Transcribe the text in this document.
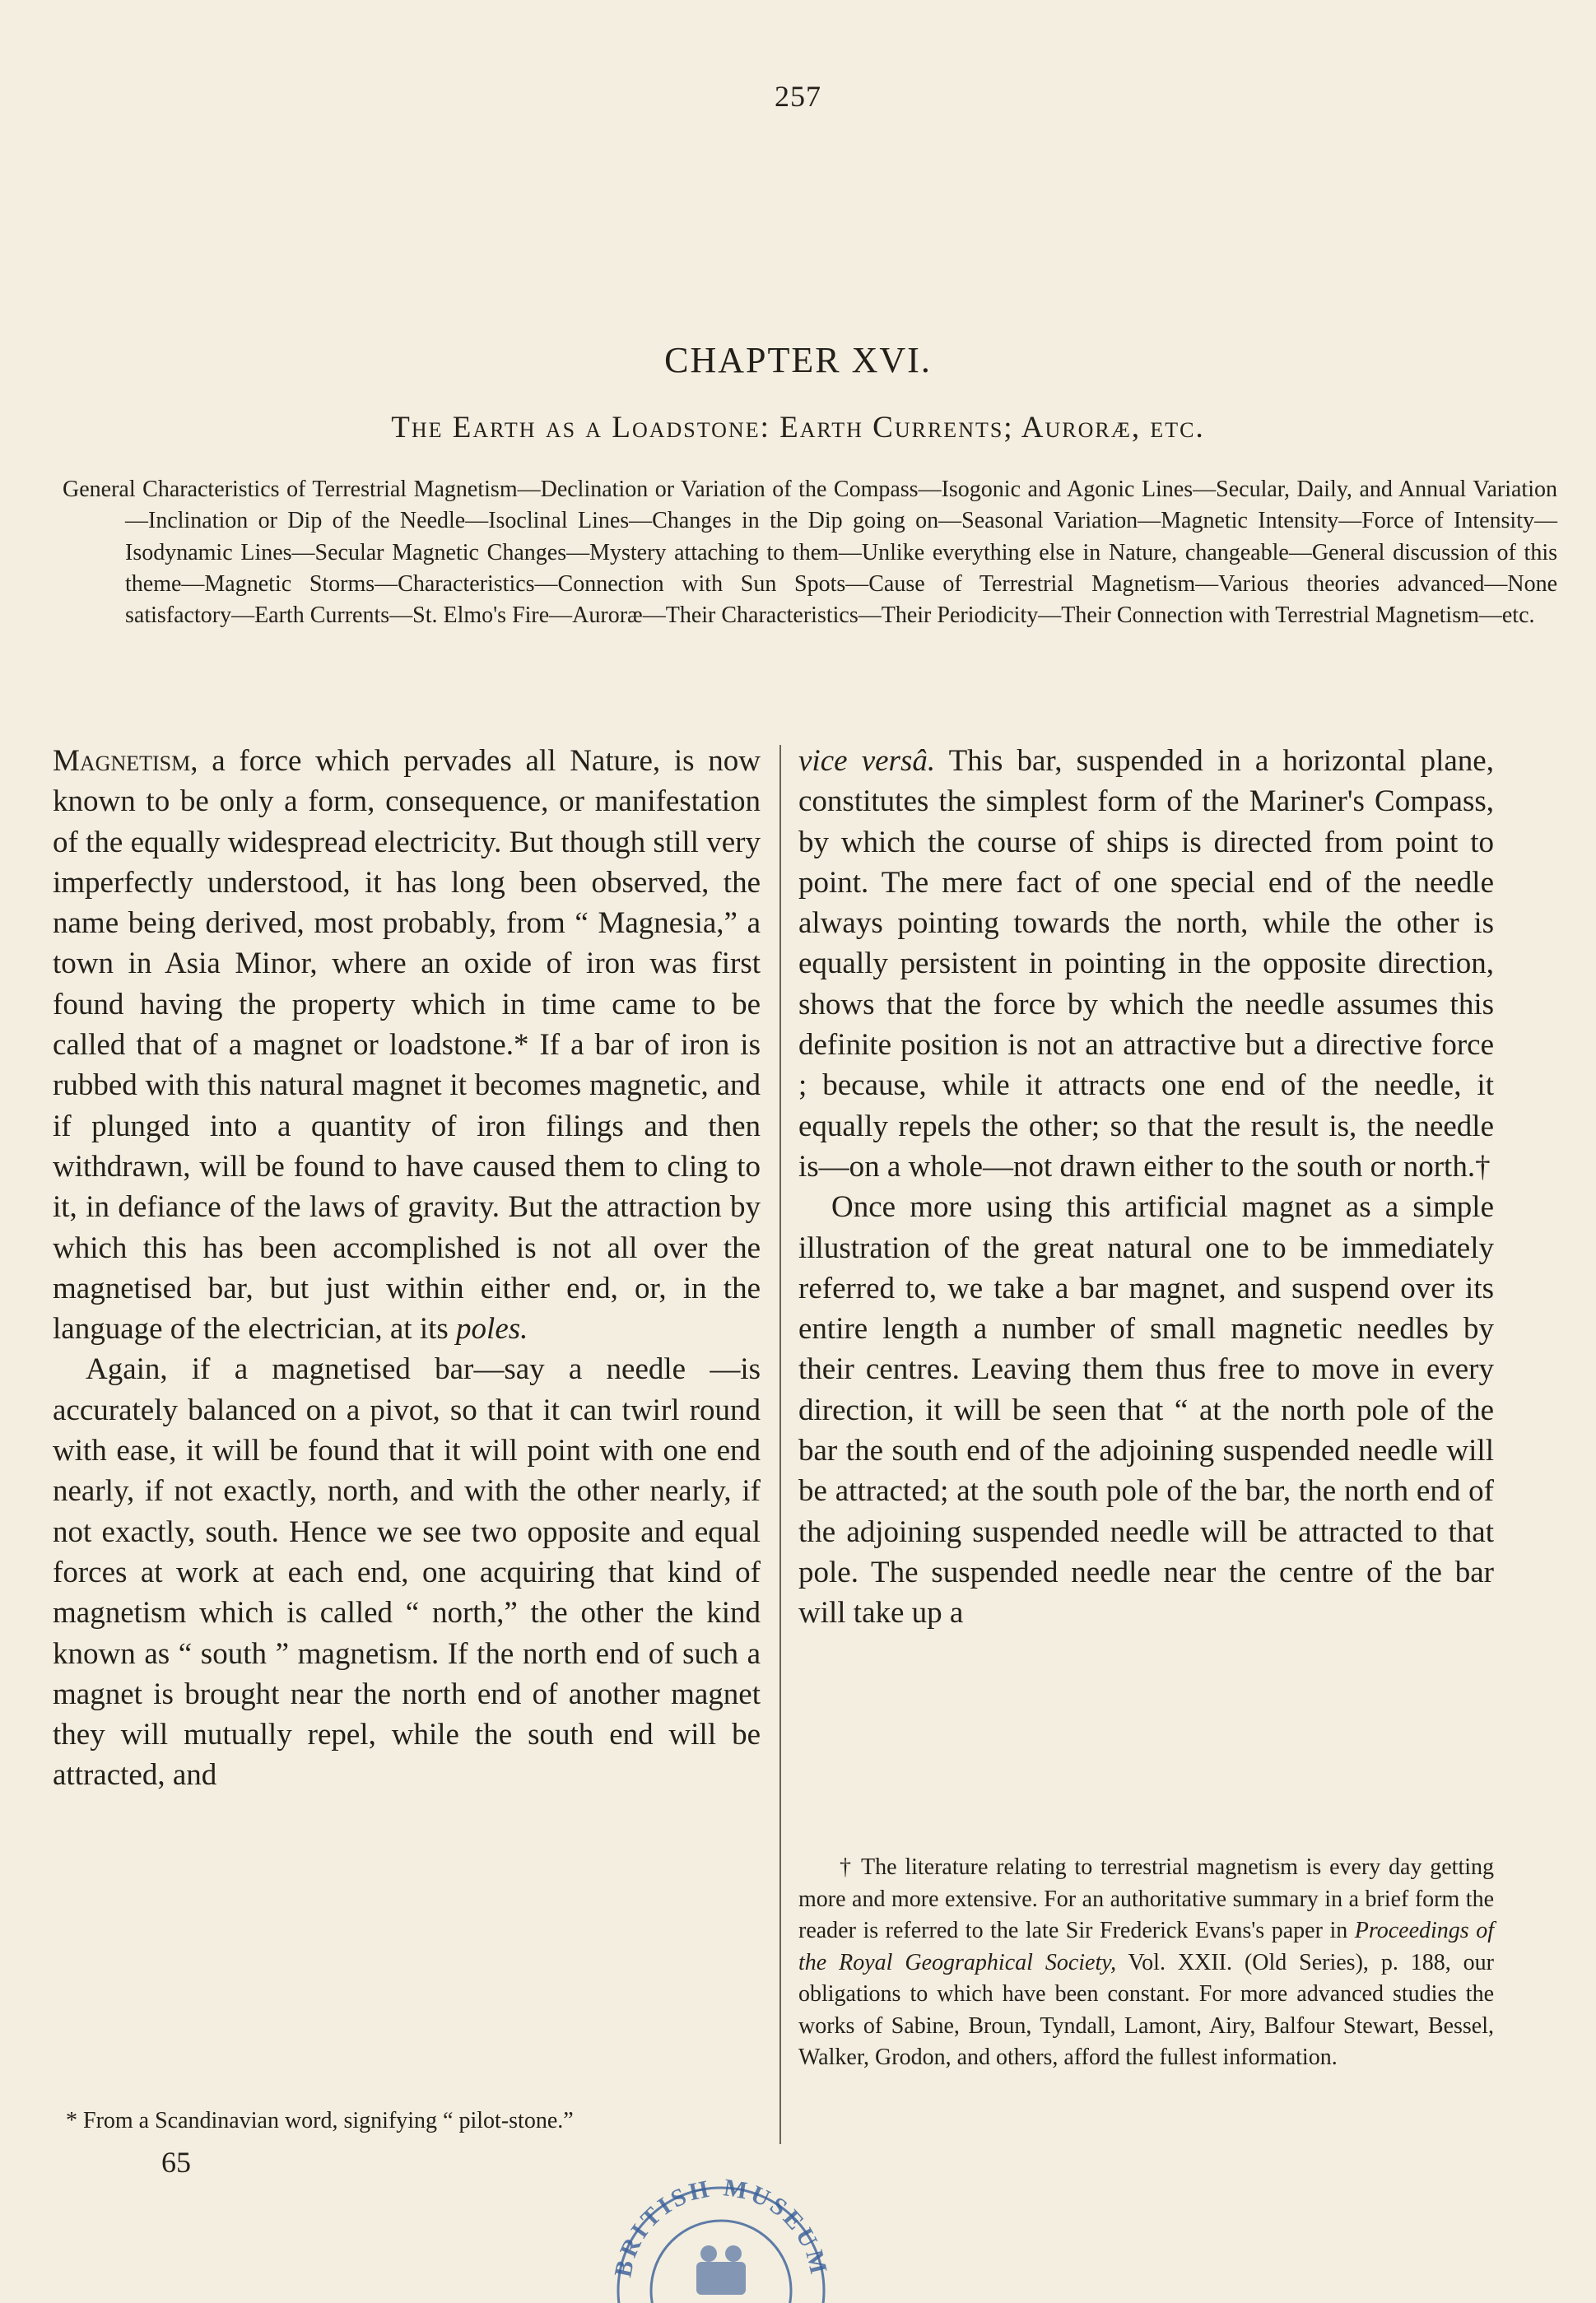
257
CHAPTER XVI.
The Earth as a Loadstone: Earth Currents; Auroræ, etc.
General Characteristics of Terrestrial Magnetism—Declination or Variation of the Compass—Isogonic and Agonic Lines—Secular, Daily, and Annual Variation—Inclination or Dip of the Needle—Isoclinal Lines—Changes in the Dip going on—Seasonal Variation—Magnetic Intensity—Force of Intensity—Isodynamic Lines—Secular Magnetic Changes—Mystery attaching to them—Unlike everything else in Nature, changeable—General discussion of this theme—Magnetic Storms—Characteristics—Connection with Sun Spots—Cause of Terrestrial Magnetism—Various theories advanced—None satisfactory—Earth Currents—St. Elmo's Fire—Auroræ—Their Characteristics—Their Periodicity—Their Connection with Terrestrial Magnetism—etc.

Magnetism, a force which pervades all Nature, is now known to be only a form, consequence, or manifestation of the equally widespread electricity. But though still very imperfectly understood, it has long been observed, the name being derived, most probably, from “ Magnesia,” a town in Asia Minor, where an oxide of iron was first found having the property which in time came to be called that of a magnet or loadstone.* If a bar of iron is rubbed with this natural magnet it becomes magnetic, and if plunged into a quantity of iron filings and then withdrawn, will be found to have caused them to cling to it, in defiance of the laws of gravity. But the attraction by which this has been accomplished is not all over the magnetised bar, but just within either end, or, in the language of the electrician, at its poles.

Again, if a magnetised bar—say a needle —is accurately balanced on a pivot, so that it can twirl round with ease, it will be found that it will point with one end nearly, if not exactly, north, and with the other nearly, if not exactly, south. Hence we see two opposite and equal forces at work at each end, one acquiring that kind of magnetism which is called “ north,” the other the kind known as “ south ” magnetism. If the north end of such a magnet is brought near the north end of another magnet they will mutually repel, while the south end will be attracted, and

vice versâ. This bar, suspended in a horizontal plane, constitutes the simplest form of the Mariner's Compass, by which the course of ships is directed from point to point. The mere fact of one special end of the needle always pointing towards the north, while the other is equally persistent in pointing in the opposite direction, shows that the force by which the needle assumes this definite position is not an attractive but a directive force ; because, while it attracts one end of the needle, it equally repels the other; so that the result is, the needle is—on a whole—not drawn either to the south or north.†

Once more using this artificial magnet as a simple illustration of the great natural one to be immediately referred to, we take a bar magnet, and suspend over its entire length a number of small magnetic needles by their centres. Leaving them thus free to move in every direction, it will be seen that “ at the north pole of the bar the south end of the adjoining suspended needle will be attracted; at the south pole of the bar, the north end of the adjoining suspended needle will be attracted to that pole. The suspended needle near the centre of the bar will take up a

† The literature relating to terrestrial magnetism is every day getting more and more extensive. For an authoritative summary in a brief form the reader is referred to the late Sir Frederick Evans's paper in Proceedings of the Royal Geographical Society, Vol. XXII. (Old Series), p. 188, our obligations to which have been constant. For more advanced studies the works of Sabine, Broun, Tyndall, Lamont, Airy, Balfour Stewart, Bessel, Walker, Grodon, and others, afford the fullest information.
* From a Scandinavian word, signifying “ pilot-stone.”
65
BRITISH MUSEUM
